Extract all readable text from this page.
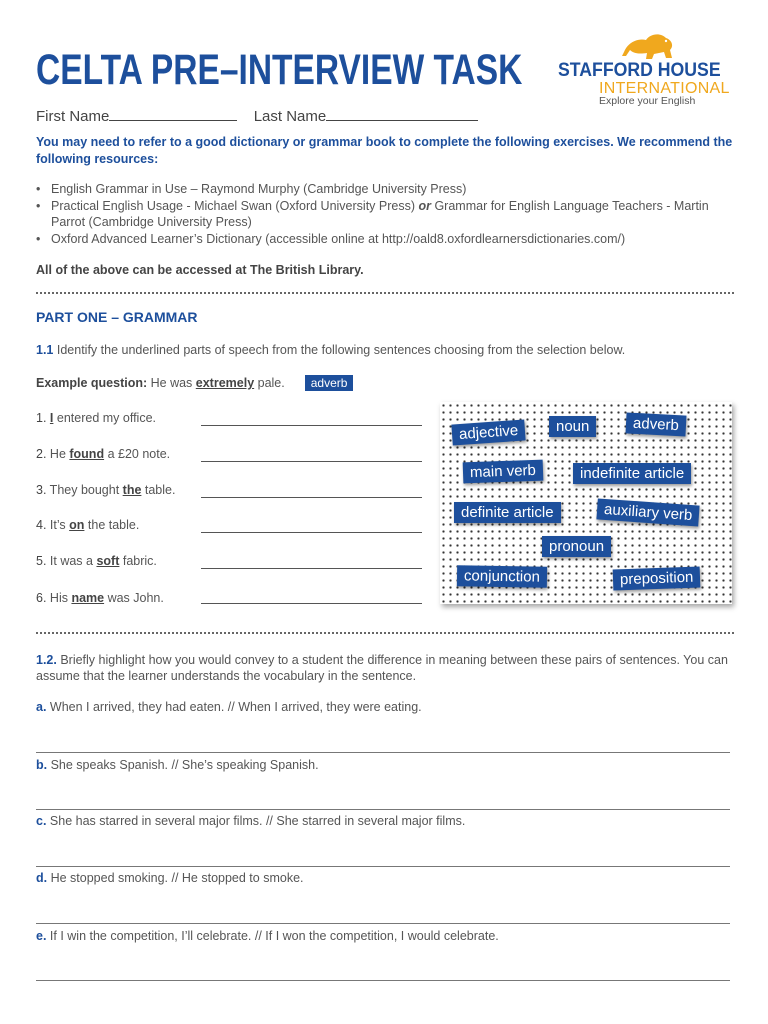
CELTA PRE–INTERVIEW TASK STAFFORD HOUSE
INTERNATIONAL
Explore your English
First Name	Last Name
You may need to refer to a good dictionary or grammar book to complete the following exercises. We recommend the following resources:
• English Grammar in Use – Raymond Murphy (Cambridge University Press)
• Practical English Usage - Michael Swan (Oxford University Press) or Grammar for English Language Teachers - Martin Parrot (Cambridge University Press)
• Oxford Advanced Learner’s Dictionary (accessible online at http://oald8.oxfordlearnersdictionaries.com/)
All of the above can be accessed at The British Library.
PART ONE – GRAMMAR
1.1 Identify the underlined parts of speech from the following sentences choosing from the selection below.
Example question: He was extremely pale. adverb
1. I entered my office.
2. He found a £20 note.
3. They bought the table.
4. It’s on the table.
5. It was a soft fabric.
6. His name was John.
adjective	noun	adverb
main verb	indefinite article
definite article	auxiliary verb
pronoun
conjunction	preposition
1.2. Briefly highlight how you would convey to a student the difference in meaning between these pairs of sentences. You can assume that the learner understands the vocabulary in the sentence.
a. When I arrived, they had eaten. // When I arrived, they were eating.
b. She speaks Spanish. // She’s speaking Spanish.
c. She has starred in several major films. // She starred in several major films.
d. He stopped smoking. // He stopped to smoke.
e. If I win the competition, I’ll celebrate. // If I won the competition, I would celebrate.
